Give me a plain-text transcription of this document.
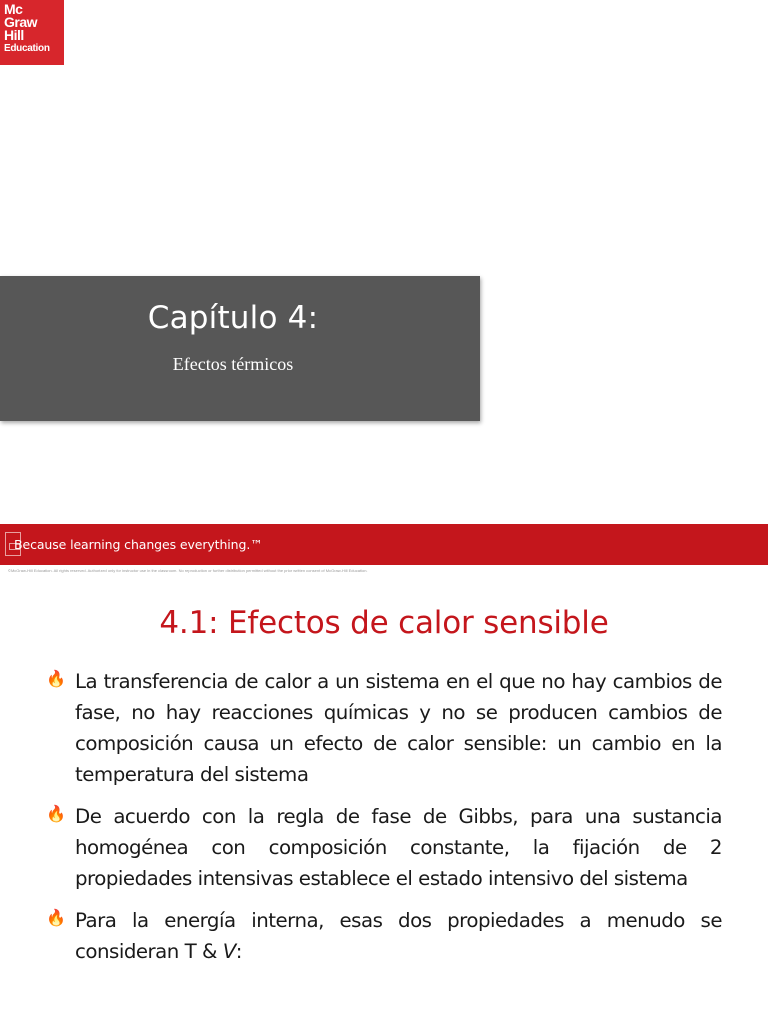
Mc
Graw
Hill
Education
Capítulo 4:
Efectos térmicos
Because learning changes everything.™
©McGraw-Hill Education. All rights reserved. Authorized only for instructor use in the classroom. No reproduction or further distribution permitted without the prior written consent of McGraw-Hill Education.
4.1: Efectos de calor sensible
🔥 La transferencia de calor a un sistema en el que no hay cambios de fase, no hay reacciones químicas y no se producen cambios de composición causa un efecto de calor sensible: un cambio en la temperatura del sistema
🔥 De acuerdo con la regla de fase de Gibbs, para una sustancia homogénea con composición constante, la fijación de 2 propiedades intensivas establece el estado intensivo del sistema
🔥 Para la energía interna, esas dos propiedades a menudo se consideran T & V:
